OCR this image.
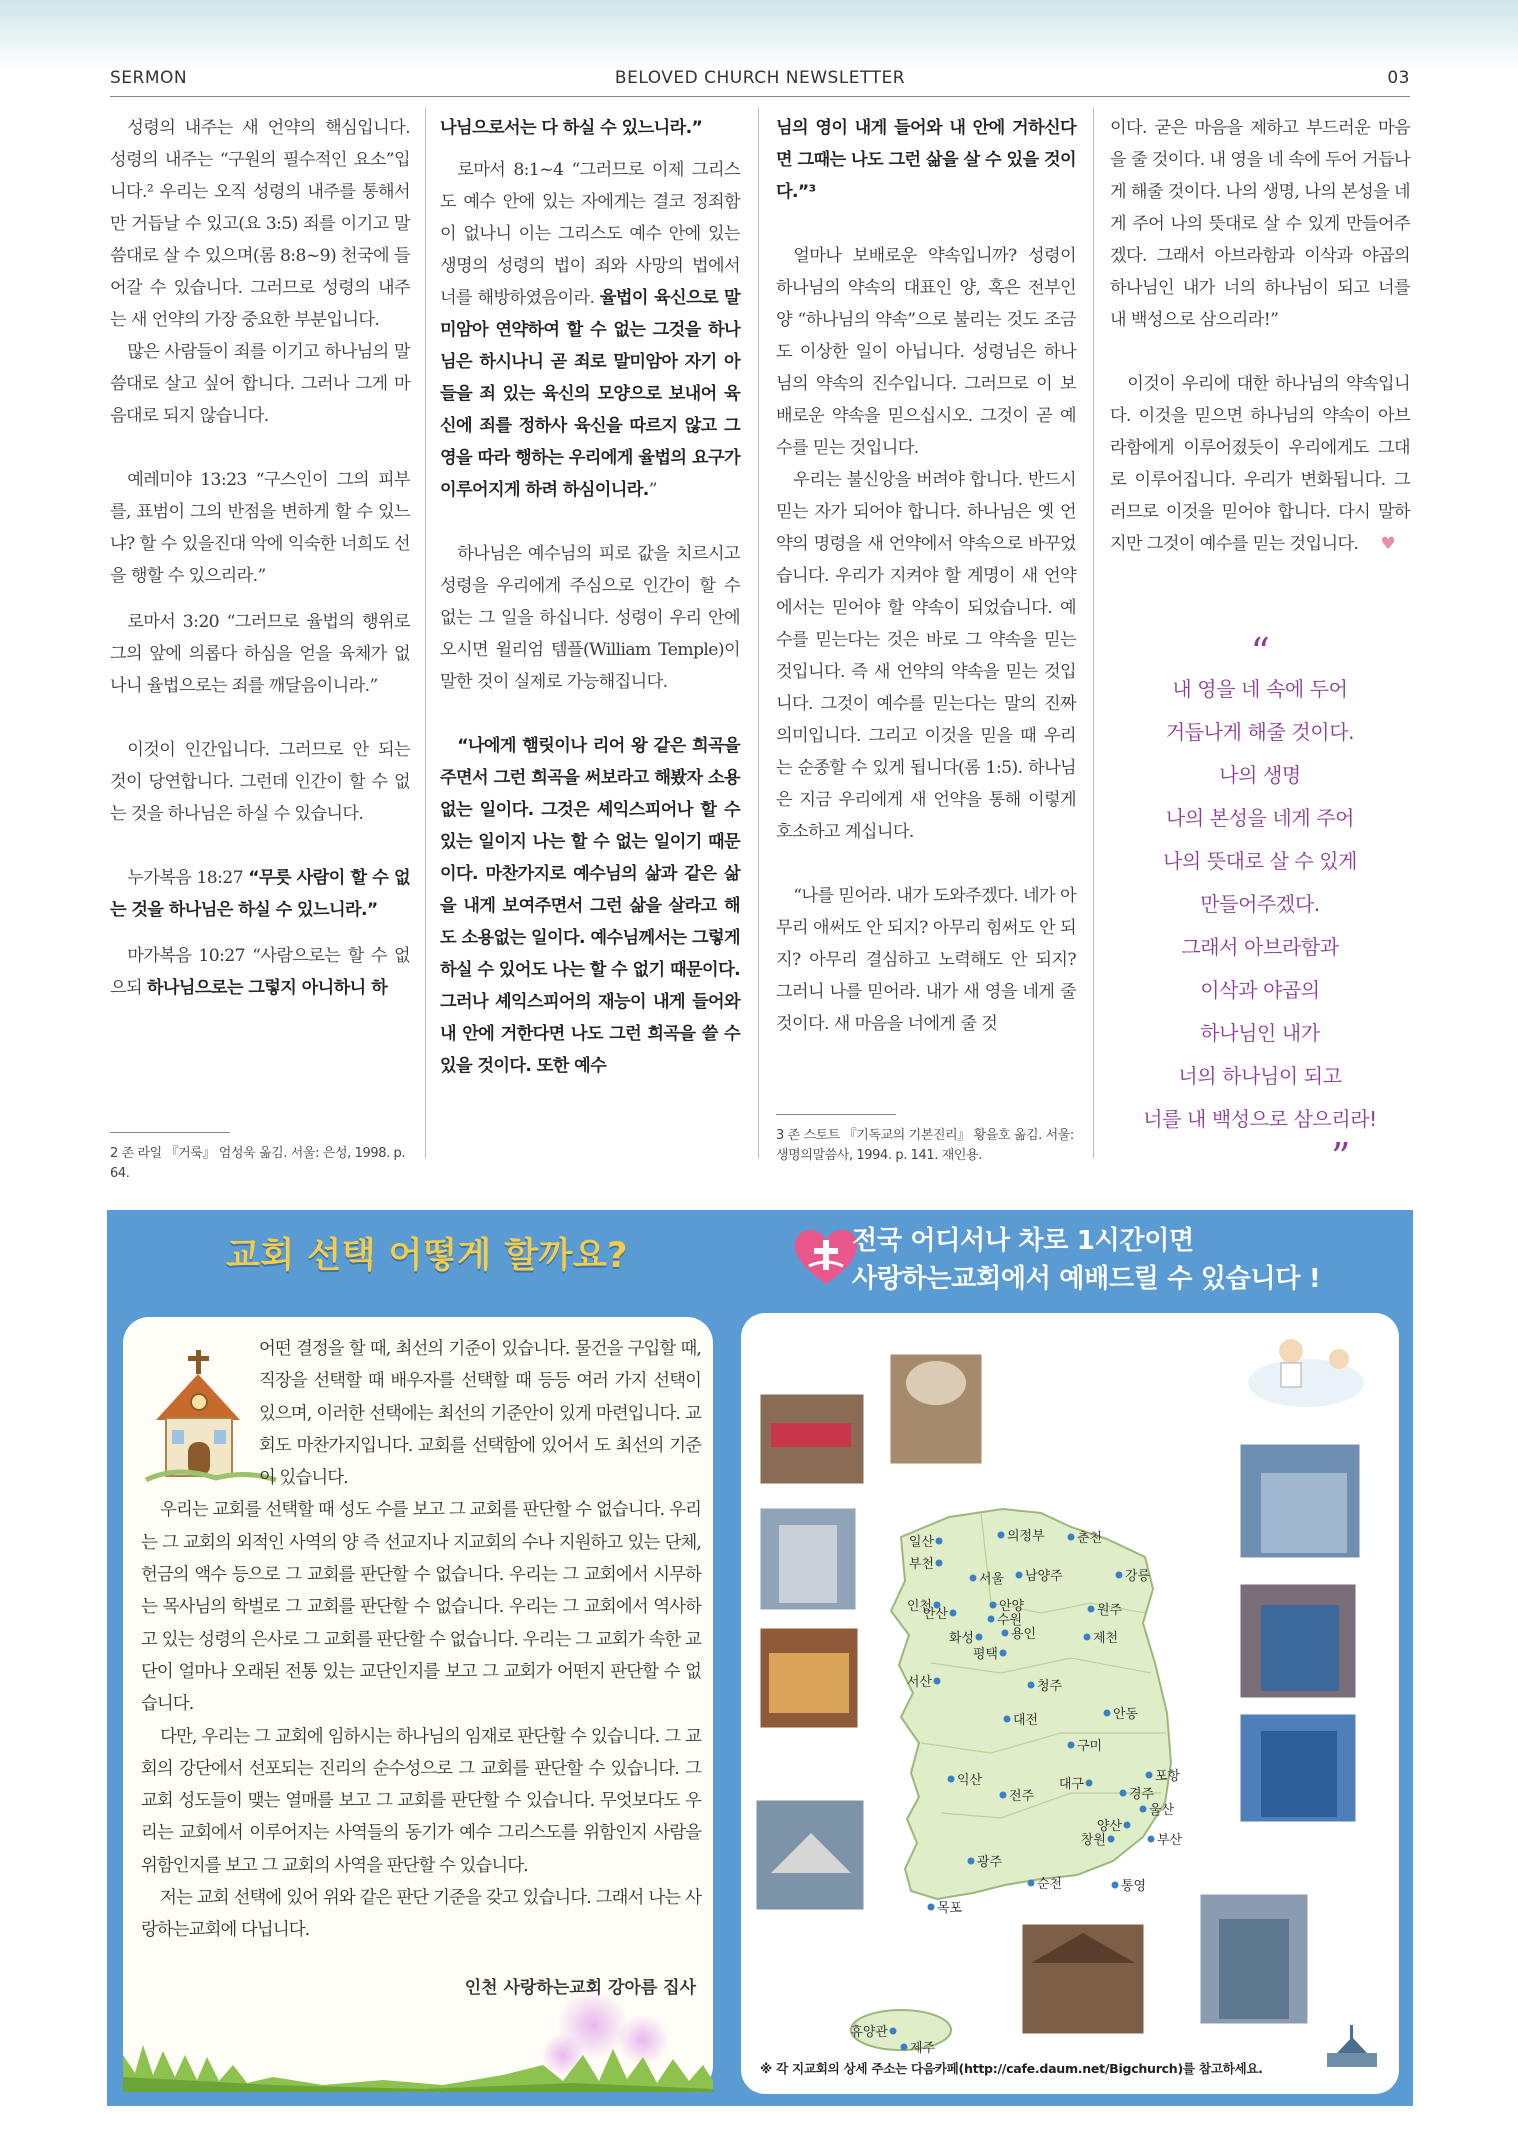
SERMON	BELOVED CHURCH NEWSLETTER	03

성령의 내주는 새 언약의 핵심입니다. 성령의 내주는 “구원의 필수적인 요소”입니다.² 우리는 오직 성령의 내주를 통해서만 거듭날 수 있고(요 3:5) 죄를 이기고 말씀대로 살 수 있으며(롬 8:8~9) 천국에 들어갈 수 있습니다. 그러므로 성령의 내주는 새 언약의 가장 중요한 부분입니다.

많은 사람들이 죄를 이기고 하나님의 말씀대로 살고 싶어 합니다. 그러나 그게 마음대로 되지 않습니다.

예레미야 13:23 “구스인이 그의 피부를, 표범이 그의 반점을 변하게 할 수 있느냐? 할 수 있을진대 악에 익숙한 너희도 선을 행할 수 있으리라.”

로마서 3:20 “그러므로 율법의 행위로 그의 앞에 의롭다 하심을 얻을 육체가 없나니 율법으로는 죄를 깨달음이니라.”

이것이 인간입니다. 그러므로 안 되는 것이 당연합니다. 그런데 인간이 할 수 없는 것을 하나님은 하실 수 있습니다.

누가복음 18:27 “무릇 사람이 할 수 없는 것을 하나님은 하실 수 있느니라.”

마가복음 10:27 “사람으로는 할 수 없으되 하나님으로는 그렇지 아니하니 하

2 존 라일 『거룩』 엄성욱 옮김. 서울: 은성, 1998. p. 64.

나님으로서는 다 하실 수 있느니라.”

로마서 8:1~4 “그러므로 이제 그리스도 예수 안에 있는 자에게는 결코 정죄함이 없나니 이는 그리스도 예수 안에 있는 생명의 성령의 법이 죄와 사망의 법에서 너를 해방하였음이라. 율법이 육신으로 말미암아 연약하여 할 수 없는 그것을 하나님은 하시나니 곧 죄로 말미암아 자기 아들을 죄 있는 육신의 모양으로 보내어 육신에 죄를 정하사 육신을 따르지 않고 그 영을 따라 행하는 우리에게 율법의 요구가 이루어지게 하려 하심이니라.”

하나님은 예수님의 피로 값을 치르시고 성령을 우리에게 주심으로 인간이 할 수 없는 그 일을 하십니다. 성령이 우리 안에 오시면 윌리엄 템플(William Temple)이 말한 것이 실제로 가능해집니다.

“나에게 햄릿이나 리어 왕 같은 희곡을 주면서 그런 희곡을 써보라고 해봤자 소용없는 일이다. 그것은 셰익스피어나 할 수 있는 일이지 나는 할 수 없는 일이기 때문이다. 마찬가지로 예수님의 삶과 같은 삶을 내게 보여주면서 그런 삶을 살라고 해도 소용없는 일이다. 예수님께서는 그렇게 하실 수 있어도 나는 할 수 없기 때문이다. 그러나 셰익스피어의 재능이 내게 들어와 내 안에 거한다면 나도 그런 희곡을 쓸 수 있을 것이다. 또한 예수

님의 영이 내게 들어와 내 안에 거하신다면 그때는 나도 그런 삶을 살 수 있을 것이다.”³

얼마나 보배로운 약속입니까? 성령이 하나님의 약속의 대표인 양, 혹은 전부인 양 “하나님의 약속”으로 불리는 것도 조금도 이상한 일이 아닙니다. 성령님은 하나님의 약속의 진수입니다. 그러므로 이 보배로운 약속을 믿으십시오. 그것이 곧 예수를 믿는 것입니다.

우리는 불신앙을 버려야 합니다. 반드시 믿는 자가 되어야 합니다. 하나님은 옛 언약의 명령을 새 언약에서 약속으로 바꾸었습니다. 우리가 지켜야 할 계명이 새 언약에서는 믿어야 할 약속이 되었습니다. 예수를 믿는다는 것은 바로 그 약속을 믿는 것입니다. 즉 새 언약의 약속을 믿는 것입니다. 그것이 예수를 믿는다는 말의 진짜 의미입니다. 그리고 이것을 믿을 때 우리는 순종할 수 있게 됩니다(롬 1:5). 하나님은 지금 우리에게 새 언약을 통해 이렇게 호소하고 계십니다.

“나를 믿어라. 내가 도와주겠다. 네가 아무리 애써도 안 되지? 아무리 힘써도 안 되지? 아무리 결심하고 노력해도 안 되지? 그러니 나를 믿어라. 내가 새 영을 네게 줄 것이다. 새 마음을 너에게 줄 것

3 존 스토트 『기독교의 기본진리』 황을호 옮김. 서울: 생명의말씀사, 1994. p. 141. 재인용.

이다. 굳은 마음을 제하고 부드러운 마음을 줄 것이다. 내 영을 네 속에 두어 거듭나게 해줄 것이다. 나의 생명, 나의 본성을 네게 주어 나의 뜻대로 살 수 있게 만들어주겠다. 그래서 아브라함과 이삭과 야곱의 하나님인 내가 너의 하나님이 되고 너를 내 백성으로 삼으리라!”

이것이 우리에 대한 하나님의 약속입니다. 이것을 믿으면 하나님의 약속이 아브라함에게 이루어졌듯이 우리에게도 그대로 이루어집니다. 우리가 변화됩니다. 그러므로 이것을 믿어야 합니다. 다시 말하지만 그것이 예수를 믿는 것입니다. ♥

“
내 영을 네 속에 두어
거듭나게 해줄 것이다.
나의 생명
나의 본성을 네게 주어
나의 뜻대로 살 수 있게
만들어주겠다.
그래서 아브라함과
이삭과 야곱의
하나님인 내가
너의 하나님이 되고
너를 내 백성으로 삼으리라!
”
교회 선택 어떻게 할까요?	전국 어디서나 차로 1시간이면
사랑하는교회에서 예배드릴 수 있습니다 !

어떤 결정을 할 때, 최선의 기준이 있습니다. 물건을 구입할 때, 직장을 선택할 때 배우자를 선택할 때 등등 여러 가지 선택이 있으며, 이러한 선택에는 최선의 기준안이 있게 마련입니다. 교회도 마찬가지입니다. 교회를 선택함에 있어서 도 최선의 기준이 있습니다.

우리는 교회를 선택할 때 성도 수를 보고 그 교회를 판단할 수 없습니다. 우리는 그 교회의 외적인 사역의 양 즉 선교지나 지교회의 수나 지원하고 있는 단체, 헌금의 액수 등으로 그 교회를 판단할 수 없습니다. 우리는 그 교회에서 시무하는 목사님의 학벌로 그 교회를 판단할 수 없습니다. 우리는 그 교회에서 역사하고 있는 성령의 은사로 그 교회를 판단할 수 없습니다. 우리는 그 교회가 속한 교단이 얼마나 오래된 전통 있는 교단인지를 보고 그 교회가 어떤지 판단할 수 없습니다.

다만, 우리는 그 교회에 임하시는 하나님의 임재로 판단할 수 있습니다. 그 교회의 강단에서 선포되는 진리의 순수성으로 그 교회를 판단할 수 있습니다. 그 교회 성도들이 맺는 열매를 보고 그 교회를 판단할 수 있습니다. 무엇보다도 우리는 교회에서 이루어지는 사역들의 동기가 예수 그리스도를 위함인지 사람을 위함인지를 보고 그 교회의 사역을 판단할 수 있습니다.

저는 교회 선택에 있어 위와 같은 판단 기준을 갖고 있습니다. 그래서 나는 사랑하는교회에 다닙니다.

인천 사랑하는교회 강아름 집사
일산
부천
의정부 춘천
서울 남양주	강릉
인천
안산
안양
수원
원주
화성	용인
평택
제천
서산	청주
안동
대전
구미
포항
익산	대구
전주	경주
울산
양산
창원	부산
광주
순천	통영
목포
휴양관
제주
※ 각 지교회의 상세 주소는 다음카페(http://cafe.daum.net/Bigchurch)를 참고하세요.
